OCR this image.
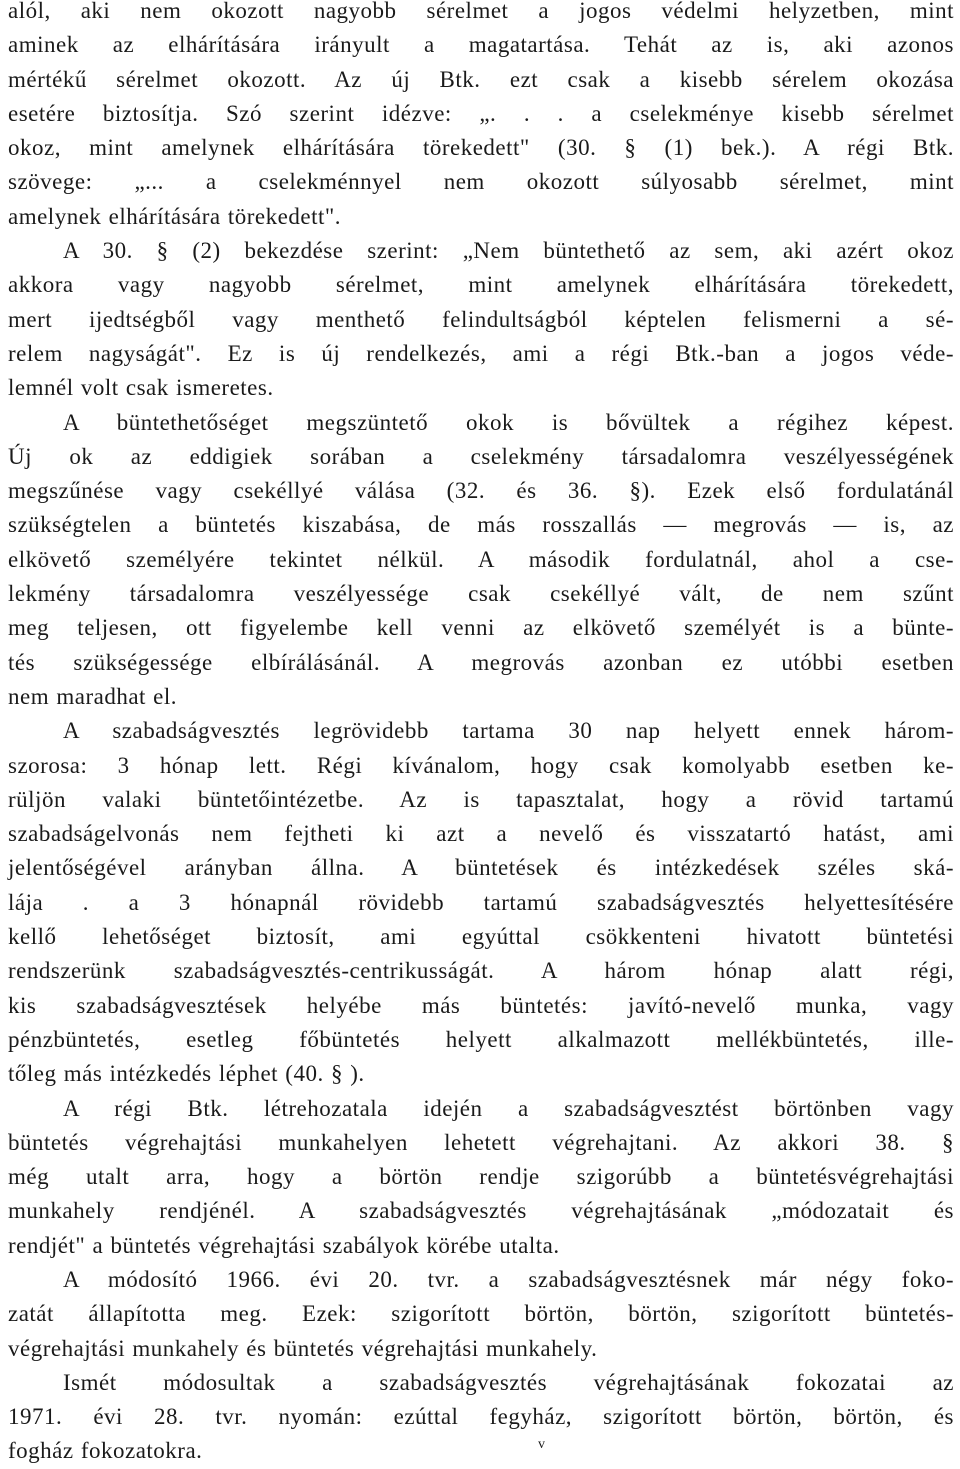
alól, aki nem okozott nagyobb sérelmet a jogos védelmi helyzetben, mint
aminek az elhárítására irányult a magatartása. Tehát az is, aki azonos
mértékű sérelmet okozott. Az új Btk. ezt csak a kisebb sérelem okozása
esetére biztosítja. Szó szerint idézve: „. . . a cselekménye kisebb sérelmet
okoz, mint amelynek elhárítására törekedett" (30. § (1) bek.). A régi Btk.
szövege: „... a cselekménnyel nem okozott súlyosabb sérelmet, mint
amelynek elhárítására törekedett".
A 30. § (2) bekezdése szerint: „Nem büntethető az sem, aki azért okoz
akkora vagy nagyobb sérelmet, mint amelynek elhárítására törekedett,
mert ijedtségből vagy menthető felindultságból képtelen felismerni a sé-
relem nagyságát". Ez is új rendelkezés, ami a régi Btk.-ban a jogos véde-
lemnél volt csak ismeretes.
A büntethetőséget megszüntető okok is bővültek a régihez képest.
Új ok az eddigiek sorában a cselekmény társadalomra veszélyességének
megszűnése vagy csekéllyé válása (32. és 36. §). Ezek első fordulatánál
szükségtelen a büntetés kiszabása, de más rosszallás — megrovás — is, az
elkövető személyére tekintet nélkül. A második fordulatnál, ahol a cse-
lekmény társadalomra veszélyessége csak csekéllyé vált, de nem szűnt
meg teljesen, ott figyelembe kell venni az elkövető személyét is a büntе-
tés szükségessége elbírálásánál. A megrovás azonban ez utóbbi esetben
nem maradhat el.
A szabadságvesztés legrövidebb tartama 30 nap helyett ennek három-
szorosa: 3 hónap lett. Régi kívánalom, hogy csak komolyabb esetben ke-
rüljön valaki büntetőintézetbe. Az is tapasztalat, hogy a rövid tartamú
szabadságelvonás nem fejtheti ki azt a nevelő és visszatartó hatást, ami
jelentőségével arányban állna. A büntetések és intézkedések széles ská-
lája . a 3 hónapnál rövidebb tartamú szabadságvesztés helyettesítésére
kellő lehetőséget biztosít, ami egyúttal csökkenteni hivatott büntetési
rendszerünk szabadságvesztés-centrikusságát. A három hónap alatt régi,
kis szabadságvesztések helyébe más büntetés: javító-nevelő munka, vagy
pénzbüntetés, esetleg főbüntetés helyett alkalmazott mellékbüntetés, ille-
tőleg más intézkedés léphet (40. § ).
A régi Btk. létrehozatala idején a szabadságvesztést börtönben vagy
büntetés végrehajtási munkahelyen lehetett végrehajtani. Az akkori 38. §
még utalt arra, hogy a börtön rendje szigorúbb a büntetésvégrehajtási
munkahely rendjénél. A szabadságvesztés végrehajtásának „módozatait és
rendjét" a büntetés végrehajtási szabályok körébe utalta.
A módosító 1966. évi 20. tvr. a szabadságvesztésnek már négy foko-
zatát állapította meg. Ezek: szigorított börtön, börtön, szigorított büntetés-
végrehajtási munkahely és büntetés végrehajtási munkahely.
Ismét módosultak a szabadságvesztés végrehajtásának fokozatai az
1971. évi 28. tvr. nyomán: ezúttal fegyház, szigorított börtön, börtön, és
fogház fokozatokra.	v
